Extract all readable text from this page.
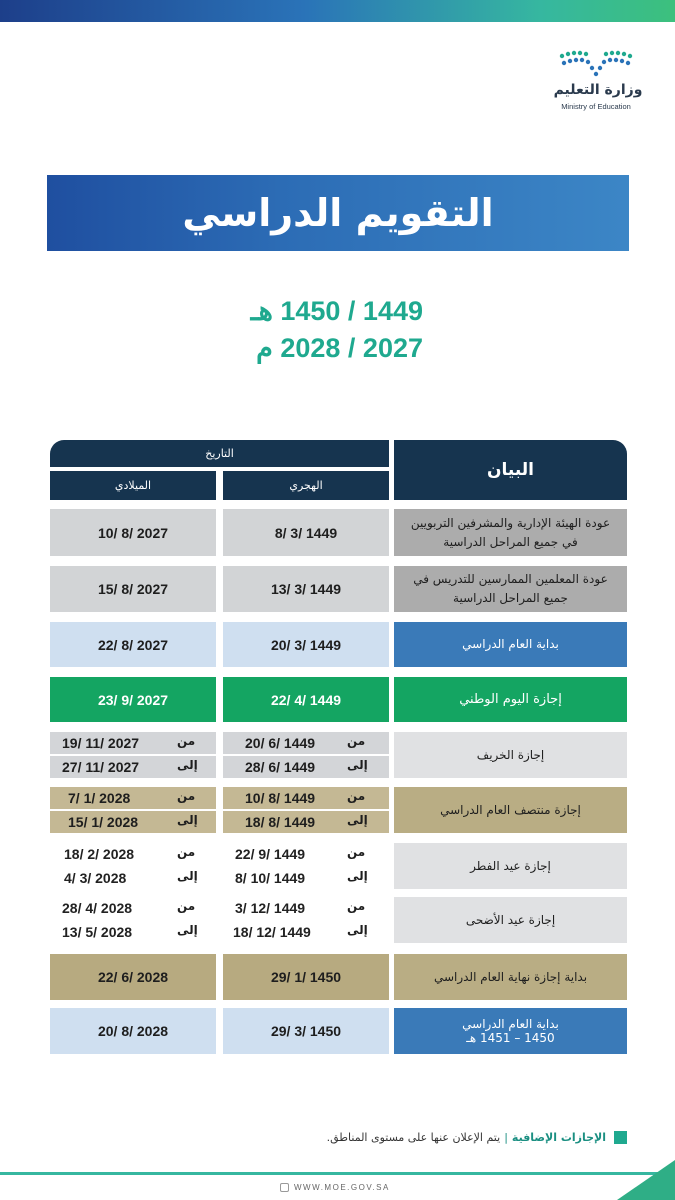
وزارة التعليم
Ministry of Education
التقويم الدراسي
1449 / 1450 هـ
2027 / 2028 م
البيان
التاريخ
الميلادي	الهجري
عودة الهيئة الإدارية والمشرفين التربويين في جميع المراحل الدراسية
8/ 3/ 1449
10/ 8/ 2027
عودة المعلمين الممارسين للتدريس في جميع المراحل الدراسية
13/ 3/ 1449
15/ 8/ 2027
بداية العام الدراسي
20/ 3/ 1449
22/ 8/ 2027
إجازة اليوم الوطني
22/ 4/ 1449
23/ 9/ 2027
إجازة الخريف
20/ 6/ 1449
28/ 6/ 1449
19/ 11/ 2027
27/ 11/ 2027
من
إلى
من
إلى
إجازة منتصف العام الدراسي
10/ 8/ 1449
18/ 8/ 1449
7/ 1/ 2028
15/ 1/ 2028
من
إلى
من
إلى
إجازة عيد الفطر
22/ 9/ 1449
8/ 10/ 1449
18/ 2/ 2028
4/ 3/ 2028
من
إلى
من
إلى
إجازة عيد الأضحى
3/ 12/ 1449
18/ 12/ 1449
28/ 4/ 2028
13/ 5/ 2028
من
إلى
من
إلى
بداية إجازة نهاية العام الدراسي
29/ 1/ 1450
22/ 6/ 2028
بداية العام الدراسي
1450 – 1451 هـ
29/ 3/ 1450
20/ 8/ 2028
الإجازات الإضافية
|
يتم الإعلان عنها على مستوى المناطق.
WWW.MOE.GOV.SA
